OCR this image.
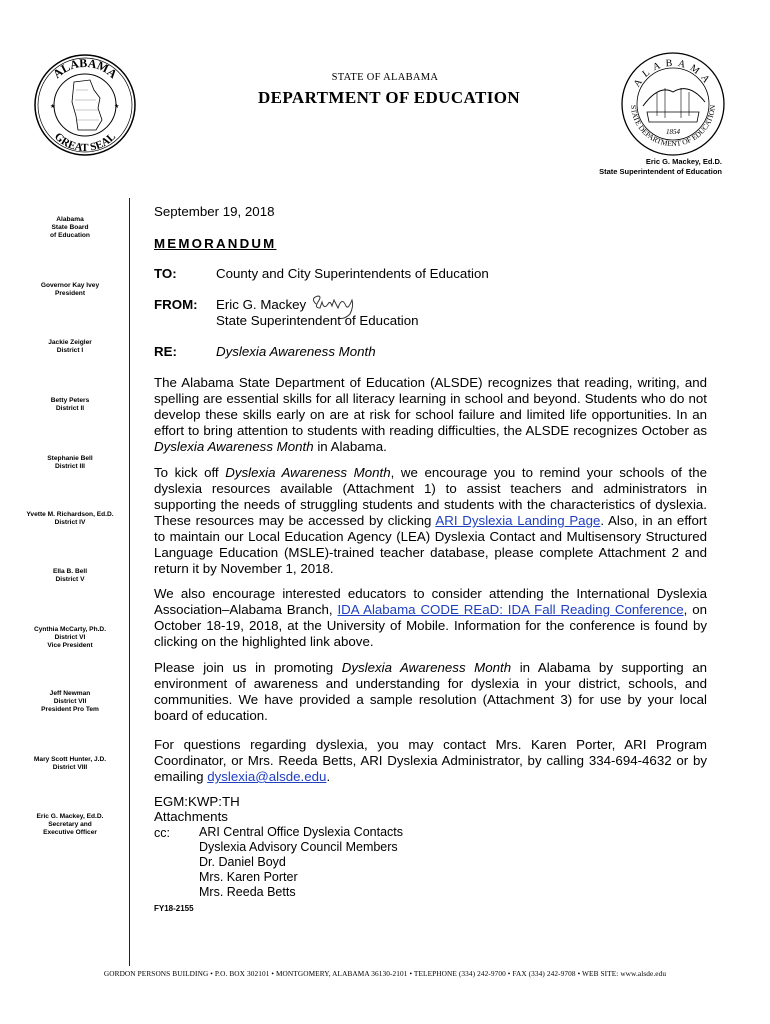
ALABAMA
GREAT SEAL
★	★
ALABAMA
STATE DEPARTMENT OF EDUCATION
1854
STATE OF ALABAMA
DEPARTMENT OF EDUCATION
Eric G. Mackey, Ed.D.
State Superintendent of Education
Alabama
State Board
of Education
Governor Kay Ivey
President
Jackie Zeigler
District I
Betty Peters
District II
Stephanie Bell
District III
Yvette M. Richardson, Ed.D.
District IV
Ella B. Bell
District V
Cynthia McCarty, Ph.D.
District VI
Vice President
Jeff Newman
District VII
President Pro Tem
Mary Scott Hunter, J.D.
District VIII
Eric G. Mackey, Ed.D.
Secretary and
Executive Officer
September 19, 2018
MEMORANDUM
TO:	County and City Superintendents of Education
FROM: Eric G. Mackey
State Superintendent of Education
RE:	Dyslexia Awareness Month
The Alabama State Department of Education (ALSDE) recognizes that reading, writing, and spelling are essential skills for all literacy learning in school and beyond. Students who do not develop these skills early on are at risk for school failure and limited life opportunities. In an effort to bring attention to students with reading difficulties, the ALSDE recognizes October as Dyslexia Awareness Month in Alabama.
To kick off Dyslexia Awareness Month, we encourage you to remind your schools of the dyslexia resources available (Attachment 1) to assist teachers and administrators in supporting the needs of struggling students and students with the characteristics of dyslexia. These resources may be accessed by clicking ARI Dyslexia Landing Page. Also, in an effort to maintain our Local Education Agency (LEA) Dyslexia Contact and Multisensory Structured Language Education (MSLE)-trained teacher database, please complete Attachment 2 and return it by November 1, 2018.
We also encourage interested educators to consider attending the International Dyslexia Association–Alabama Branch, IDA Alabama CODE REaD: IDA Fall Reading Conference, on October 18-19, 2018, at the University of Mobile. Information for the conference is found by clicking on the highlighted link above.
Please join us in promoting Dyslexia Awareness Month in Alabama by supporting an environment of awareness and understanding for dyslexia in your district, schools, and communities. We have provided a sample resolution (Attachment 3) for use by your local board of education.
For questions regarding dyslexia, you may contact Mrs. Karen Porter, ARI Program Coordinator, or Mrs. Reeda Betts, ARI Dyslexia Administrator, by calling 334-694-4632 or by emailing dyslexia@alsde.edu.
EGM:KWP:TH
Attachments
cc:	ARI Central Office Dyslexia Contacts
Dyslexia Advisory Council Members
Dr. Daniel Boyd
Mrs. Karen Porter
Mrs. Reeda Betts
FY18-2155
GORDON PERSONS BUILDING • P.O. BOX 302101 • MONTGOMERY, ALABAMA 36130-2101 • TELEPHONE (334) 242-9700 • FAX (334) 242-9708 • WEB SITE: www.alsde.edu
